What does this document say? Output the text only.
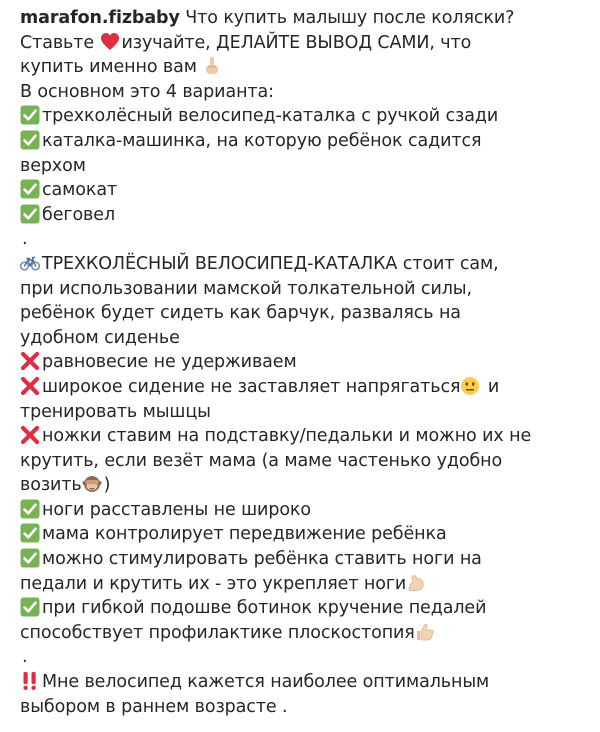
marafon.fizbaby Что купить малышу после коляски?
Ставьте изучайте, ДЕЛАЙТЕ ВЫВОД САМИ, что
купить именно вам
В основном это 4 варианта:
трехколёсный велосипед-каталка с ручкой сзади
каталка-машинка, на которую ребёнок садится
верхом
самокат
беговел
.
ТРЕХКОЛЁСНЫЙ ВЕЛОСИПЕД-КАТАЛКА стоит сам,
при использовании мамской толкательной силы,
ребёнок будет сидеть как барчук, развалясь на
удобном сиденье
равновесие не удерживаем
широкое сидение не заставляет напрягаться
и
тренировать мышцы
ножки ставим на подставку/педальки и можно их не
крутить, если везёт мама (а маме частенько удобно
возить )
ноги расставлены не широко
мама контролирует передвижение ребёнка
можно стимулировать ребёнка ставить ноги на
педали и крутить их - это укрепляет ноги
при гибкой подошве ботинок кручение педалей
способствует профилактике плоскостопия
.
Мне велосипед кажется наиболее оптимальным
выбором в раннем возрасте .
